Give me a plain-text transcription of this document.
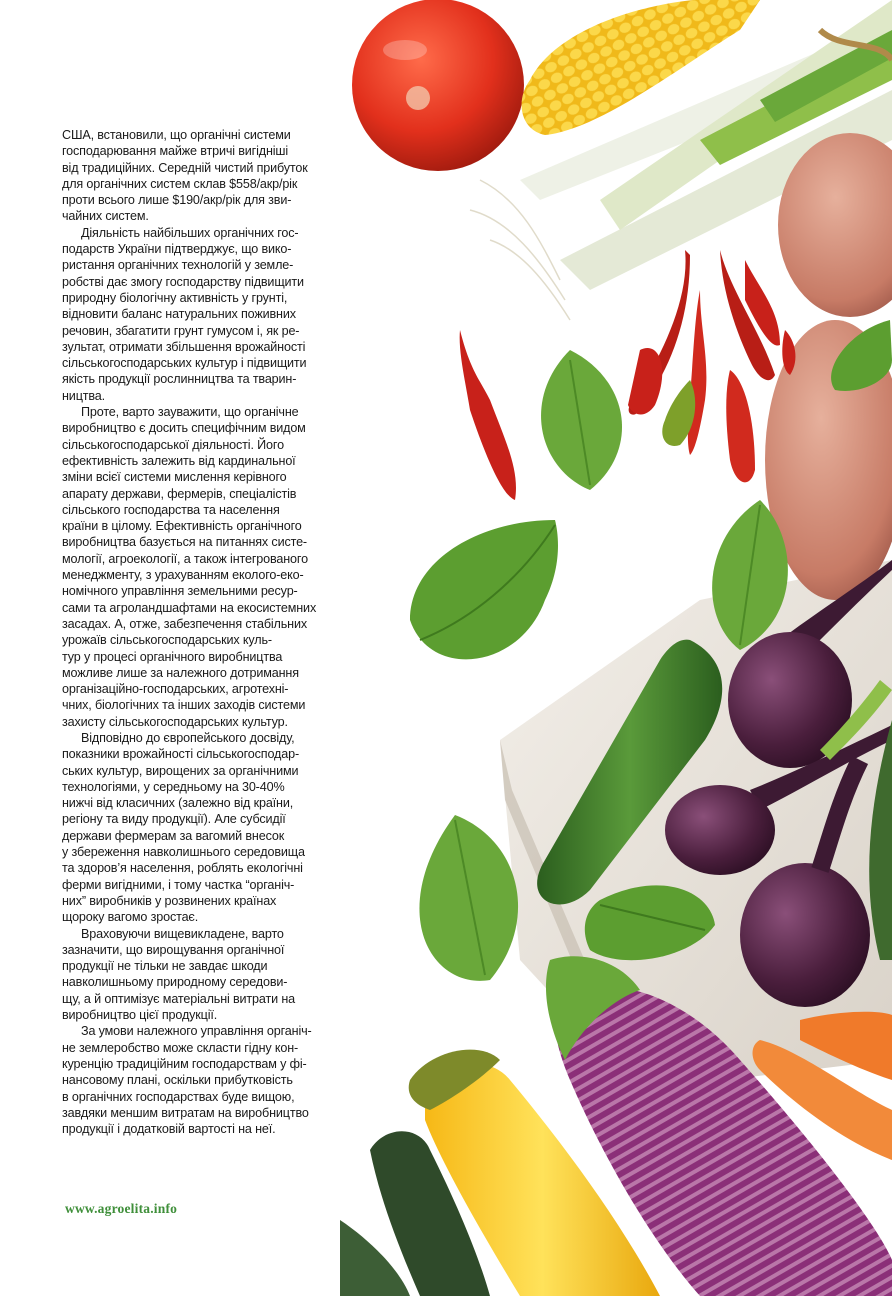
США, встановили, що органічні системи
господарювання майже втричі вигідніші
від традиційних. Середній чистий прибуток
для органічних систем склав $558/акр/рік
проти всього лише $190/акр/рік для зви-
чайних систем.

Діяльність найбільших органічних гос-
подарств України підтверджує, що вико-
ристання органічних технологій у земле-
робстві дає змогу господарству підвищити
природну біологічну активність у грунті,
відновити баланс натуральних поживних
речовин, збагатити грунт гумусом і, як ре-
зультат, отримати збільшення врожайності
сільськогосподарських культур і підвищити
якість продукції рослинництва та тварин-
ництва.

Проте, варто зауважити, що органічне
виробництво є досить специфічним видом
сільськогосподарської діяльності. Його
ефективність залежить від кардинальної
зміни всієї системи мислення керівного
апарату держави, фермерів, спеціалістів
сільського господарства та населення
країни в цілому. Ефективність органічного
виробництва базується на питаннях систе-
мології, агроекології, а також інтегрованого
менеджменту, з урахуванням еколого-еко-
номічного управління земельними ресур-
сами та агроландшафтами на екосистемних
засадах. А, отже, забезпечення стабільних
урожаїв сільськогосподарських куль-
тур у процесі органічного виробництва
можливе лише за належного дотримання
організаційно-господарських, агротехні-
чних, біологічних та інших заходів системи
захисту сільськогосподарських культур.

Відповідно до європейського досвіду,
показники врожайності сільськогосподар-
ських культур, вирощених за органічними
технологіями, у середньому на 30-40%
нижчі від класичних (залежно від країни,
регіону та виду продукції). Але субсидії
держави фермерам за вагомий внесок
у збереження навколишнього середовища
та здоров’я населення, роблять екологічні
ферми вигідними, і тому частка “органіч-
них” виробників у розвинених країнах
щороку вагомо зростає.

Враховуючи вищевикладене, варто
зазначити, що вирощування органічної
продукції не тільки не завдає шкоди
навколишньому природному середови-
щу, а й оптимізує матеріальні витрати на
виробництво цієї продукції.

За умови належного управління органіч-
не землеробство може скласти гідну кон-
куренцію традиційним господарствам у фі-
нансовому плані, оскільки прибутковість
в органічних господарствах буде вищою,
завдяки меншим витратам на виробництво
продукції і додатковій вартості на неї.

www.agroelita.info
